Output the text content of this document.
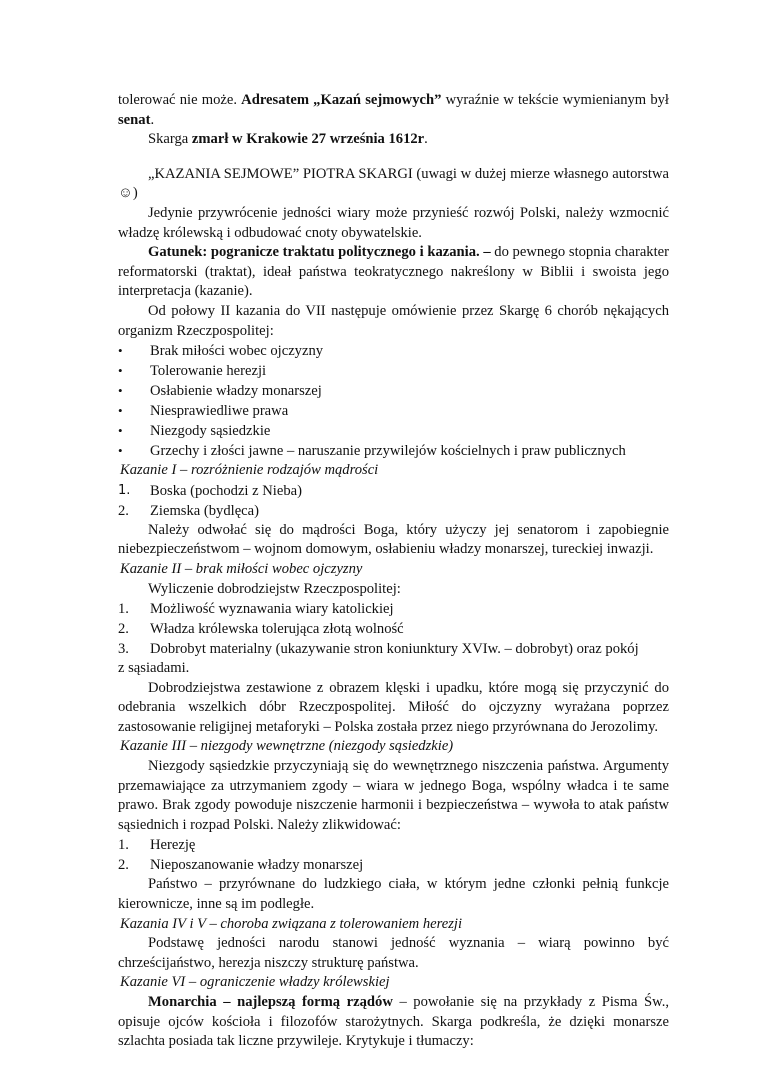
tolerować nie może. Adresatem „Kazań sejmowych” wyraźnie w tekście wymienianym był senat.

Skarga zmarł w Krakowie 27 września 1612r.

„KAZANIA SEJMOWE” PIOTRA SKARGI (uwagi w dużej mierze własnego autorstwa ☺)

Jedynie przywrócenie jedności wiary może przynieść rozwój Polski, należy wzmocnić władzę królewską i odbudować cnoty obywatelskie.

Gatunek: pogranicze traktatu politycznego i kazania. – do pewnego stopnia charakter reformatorski (traktat), ideał państwa teokratycznego nakreślony w Biblii i swoista jego interpretacja (kazanie).

Od połowy II kazania do VII następuje omówienie przez Skargę 6 chorób nękających organizm Rzeczpospolitej:

• Brak miłości wobec ojczyzny
• Tolerowanie herezji
• Osłabienie władzy monarszej
• Niesprawiedliwe prawa
• Niezgody sąsiedzkie
• Grzechy i złości jawne – naruszanie przywilejów kościelnych i praw publicznych

Kazanie I – rozróżnienie rodzajów mądrości

1. Boska (pochodzi z Nieba)
2. Ziemska (bydlęca)

Należy odwołać się do mądrości Boga, który użyczy jej senatorom i zapobiegnie niebezpieczeństwom – wojnom domowym, osłabieniu władzy monarszej, tureckiej inwazji.

Kazanie II – brak miłości wobec ojczyzny

Wyliczenie dobrodziejstw Rzeczpospolitej:

1. Możliwość wyznawania wiary katolickiej
2. Władza królewska tolerująca złotą wolność
3. Dobrobyt materialny (ukazywanie stron koniunktury XVIw. – dobrobyt) oraz pokój

z sąsiadami.

Dobrodziejstwa zestawione z obrazem klęski i upadku, które mogą się przyczynić do odebrania wszelkich dóbr Rzeczpospolitej. Miłość do ojczyzny wyrażana poprzez zastosowanie religijnej metaforyki – Polska została przez niego przyrównana do Jerozolimy.

Kazanie III – niezgody wewnętrzne (niezgody sąsiedzkie)

Niezgody sąsiedzkie przyczyniają się do wewnętrznego niszczenia państwa. Argumenty przemawiające za utrzymaniem zgody – wiara w jednego Boga, wspólny władca i te same prawo. Brak zgody powoduje niszczenie harmonii i bezpieczeństwa – wywoła to atak państw sąsiednich i rozpad Polski. Należy zlikwidować:

1. Herezję
2. Nieposzanowanie władzy monarszej

Państwo – przyrównane do ludzkiego ciała, w którym jedne członki pełnią funkcje kierownicze, inne są im podległe.

Kazania IV i V – choroba związana z tolerowaniem herezji

Podstawę jedności narodu stanowi jedność wyznania – wiarą powinno być chrześcijaństwo, herezja niszczy strukturę państwa.

Kazanie VI – ograniczenie władzy królewskiej

Monarchia – najlepszą formą rządów – powołanie się na przykłady z Pisma Św., opisuje ojców kościoła i filozofów starożytnych. Skarga podkreśla, że dzięki monarsze szlachta posiada tak liczne przywileje. Krytykuje i tłumaczy:
